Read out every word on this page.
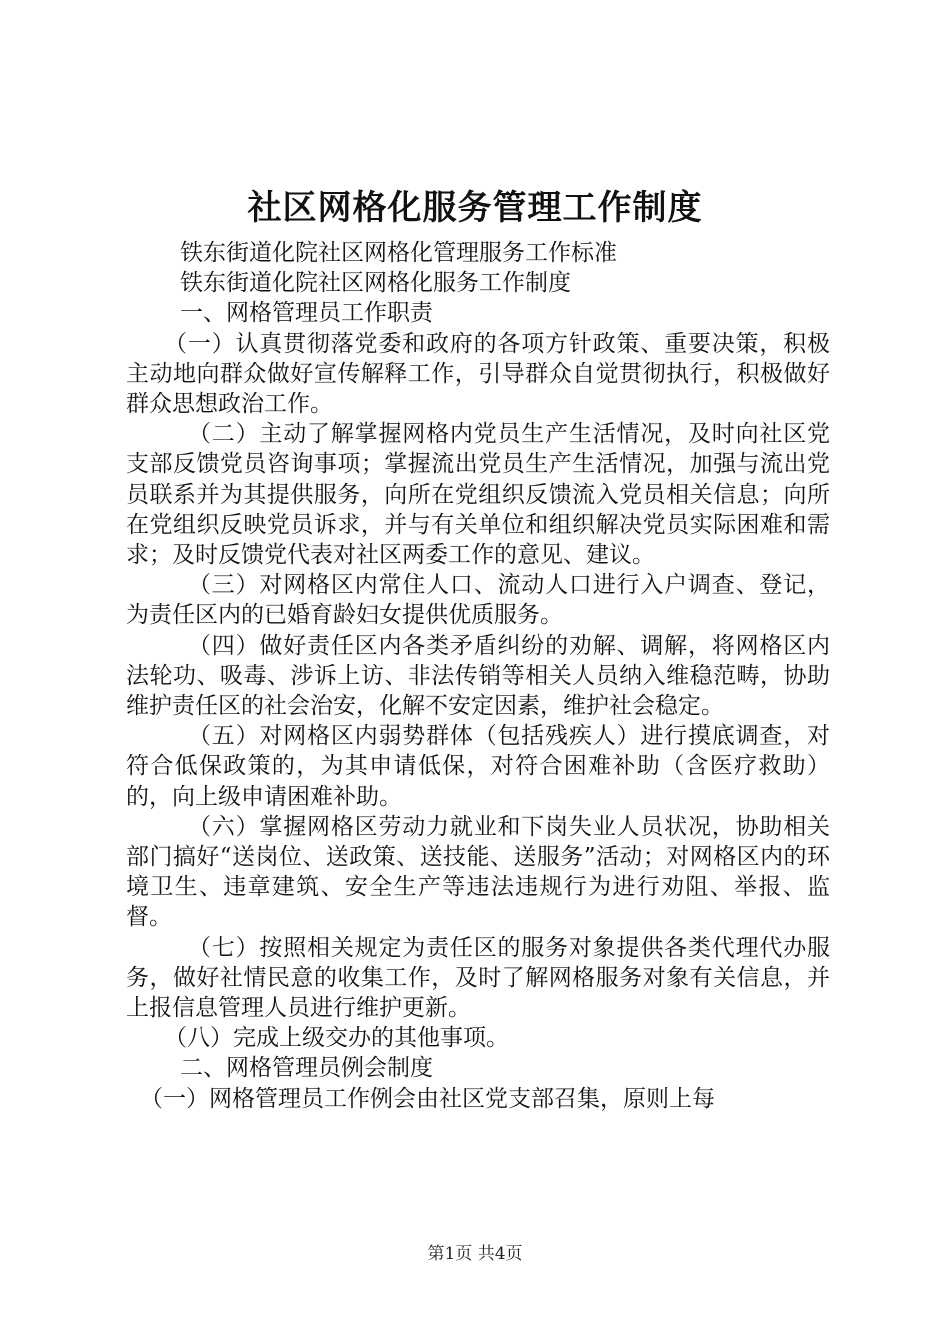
社区网格化服务管理工作制度

铁东街道化院社区网格化管理服务工作标准

铁东街道化院社区网格化服务工作制度

一、网格管理员工作职责

（一）认真贯彻落党委和政府的各项方针政策、重要决策，积极主动地向群众做好宣传解释工作，引导群众自觉贯彻执行，积极做好群众思想政治工作。

（二）主动了解掌握网格内党员生产生活情况，及时向社区党支部反馈党员咨询事项；掌握流出党员生产生活情况，加强与流出党员联系并为其提供服务，向所在党组织反馈流入党员相关信息；向所在党组织反映党员诉求，并与有关单位和组织解决党员实际困难和需求；及时反馈党代表对社区两委工作的意见、建议。

（三）对网格区内常住人口、流动人口进行入户调查、登记，为责任区内的已婚育龄妇女提供优质服务。

（四）做好责任区内各类矛盾纠纷的劝解、调解，将网格区内法轮功、吸毒、涉诉上访、非法传销等相关人员纳入维稳范畴，协助维护责任区的社会治安，化解不安定因素，维护社会稳定。

（五）对网格区内弱势群体（包括残疾人）进行摸底调查，对符合低保政策的，为其申请低保，对符合困难补助（含医疗救助）的，向上级申请困难补助。

（六）掌握网格区劳动力就业和下岗失业人员状况，协助相关部门搞好“送岗位、送政策、送技能、送服务”活动；对网格区内的环境卫生、违章建筑、安全生产等违法违规行为进行劝阻、举报、监督。

（七）按照相关规定为责任区的服务对象提供各类代理代办服务，做好社情民意的收集工作，及时了解网格服务对象有关信息，并上报信息管理人员进行维护更新。

（八）完成上级交办的其他事项。

二、网格管理员例会制度

（一）网格管理员工作例会由社区党支部召集，原则上每

第1页 共4页
